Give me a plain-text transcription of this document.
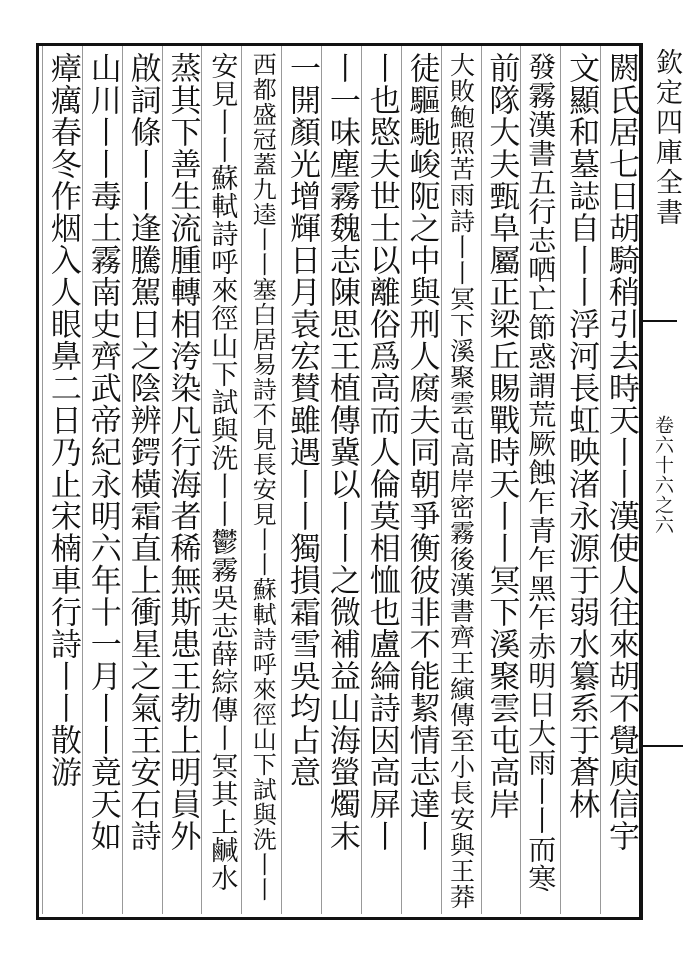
欽定四庫全書
卷六十六之六
閼氏居七日胡騎稍引去時天丨丨漢使人往來胡不覺庾信宇
文顯和墓誌自丨丨浮河長虹映渚永源于弱水纂系于蒼林
發霧漢書五行志哂亡節惑謂荒厥蝕乍青乍黑乍赤明日大雨丨丨而寒
前隊大夫甄阜屬正梁丘賜戰時天丨丨冥下溪聚雲屯高岸
大敗鮑照苦雨詩丨丨冥下溪聚雲屯高岸密霧後漢書齊王縯傳至小長安與王莽
徒驅馳峻阨之中與刑人腐夫同朝爭衡彼非不能絜情志達丨
丨也愍夫世士以離俗爲高而人倫莫相恤也盧綸詩因高屏丨
丨一味塵霧魏志陳思王植傳冀以丨丨之微補益山海螢燭末
一開顏光增輝日月袁宏賛雖遇丨丨獨損霜雪吳均占意
西都盛冠蓋九逵丨丨塞白居易詩不見長安見丨丨蘇軾詩呼來徑山下試與洗丨丨
安見丨丨蘇軾詩呼來徑山下試與洗丨丨鬱霧吳志薛綜傳丨冥其上鹹水
蒸其下善生流腫轉相洿染凡行海者稀無斯患王勃上明員外
啟詞條丨丨逢騰駕日之陰辨鍔橫霜直上衝星之氣王安石詩
山川丨丨毒土霧南史齊武帝紀永明六年十一月丨丨竟天如
瘴癘春冬作烟入人眼鼻二日乃止宋楠車行詩丨丨散游
